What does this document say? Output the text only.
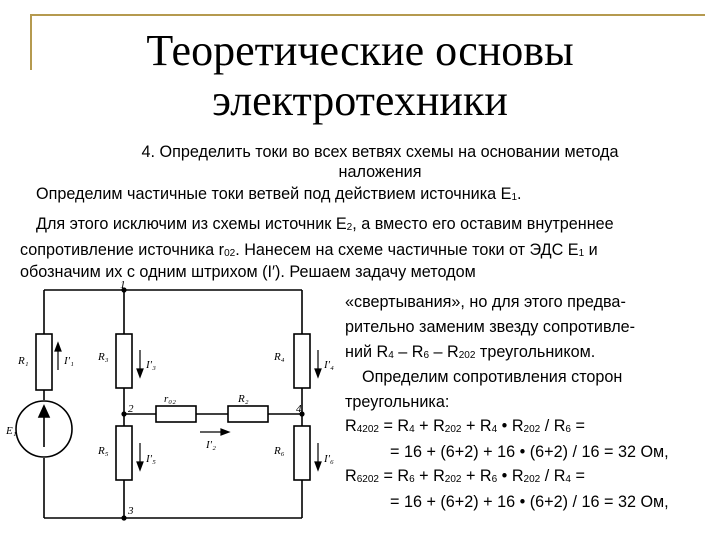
Теоретические основы
электротехники
4. Определить токи во всех ветвях схемы на основании метода
наложения
Определим частичные токи ветвей под действием источника $Е_1$.
Для этого исключим из схемы источник $Е_2$, а вместо его оставим внутреннее
сопротивление источника $r_{02}$. Нанесем на схеме частичные токи от ЭДС $Е_1$ и
обозначим их с одним штрихом (I′). Решаем задачу методом
«свертывания», но для этого предва-
рительно заменим звезду сопротивле-
ний $R_4 - R_6 - R_{202}$ треугольником.
Определим сопротивления сторон
треугольника:
$R_{4202} = R_4 + R_{202} + R_4$ • $R_{202} / R_6$ =
= 16 + (6+2) + 16 • (6+2) / 16 = 32 Ом,
$R_{6202} = R_6 + R_{202} + R_6$ • $R_{202} / R_4$ =
= 16 + (6+2) + 16 • (6+2) / 16 = 32 Ом,
1
2
3
4
R₁	R₃
R₅
R₄
R₆
r₀₂	R₂
E₁
I′₁	I′₃
I′₅
I′₄
I′₆
I′₂
